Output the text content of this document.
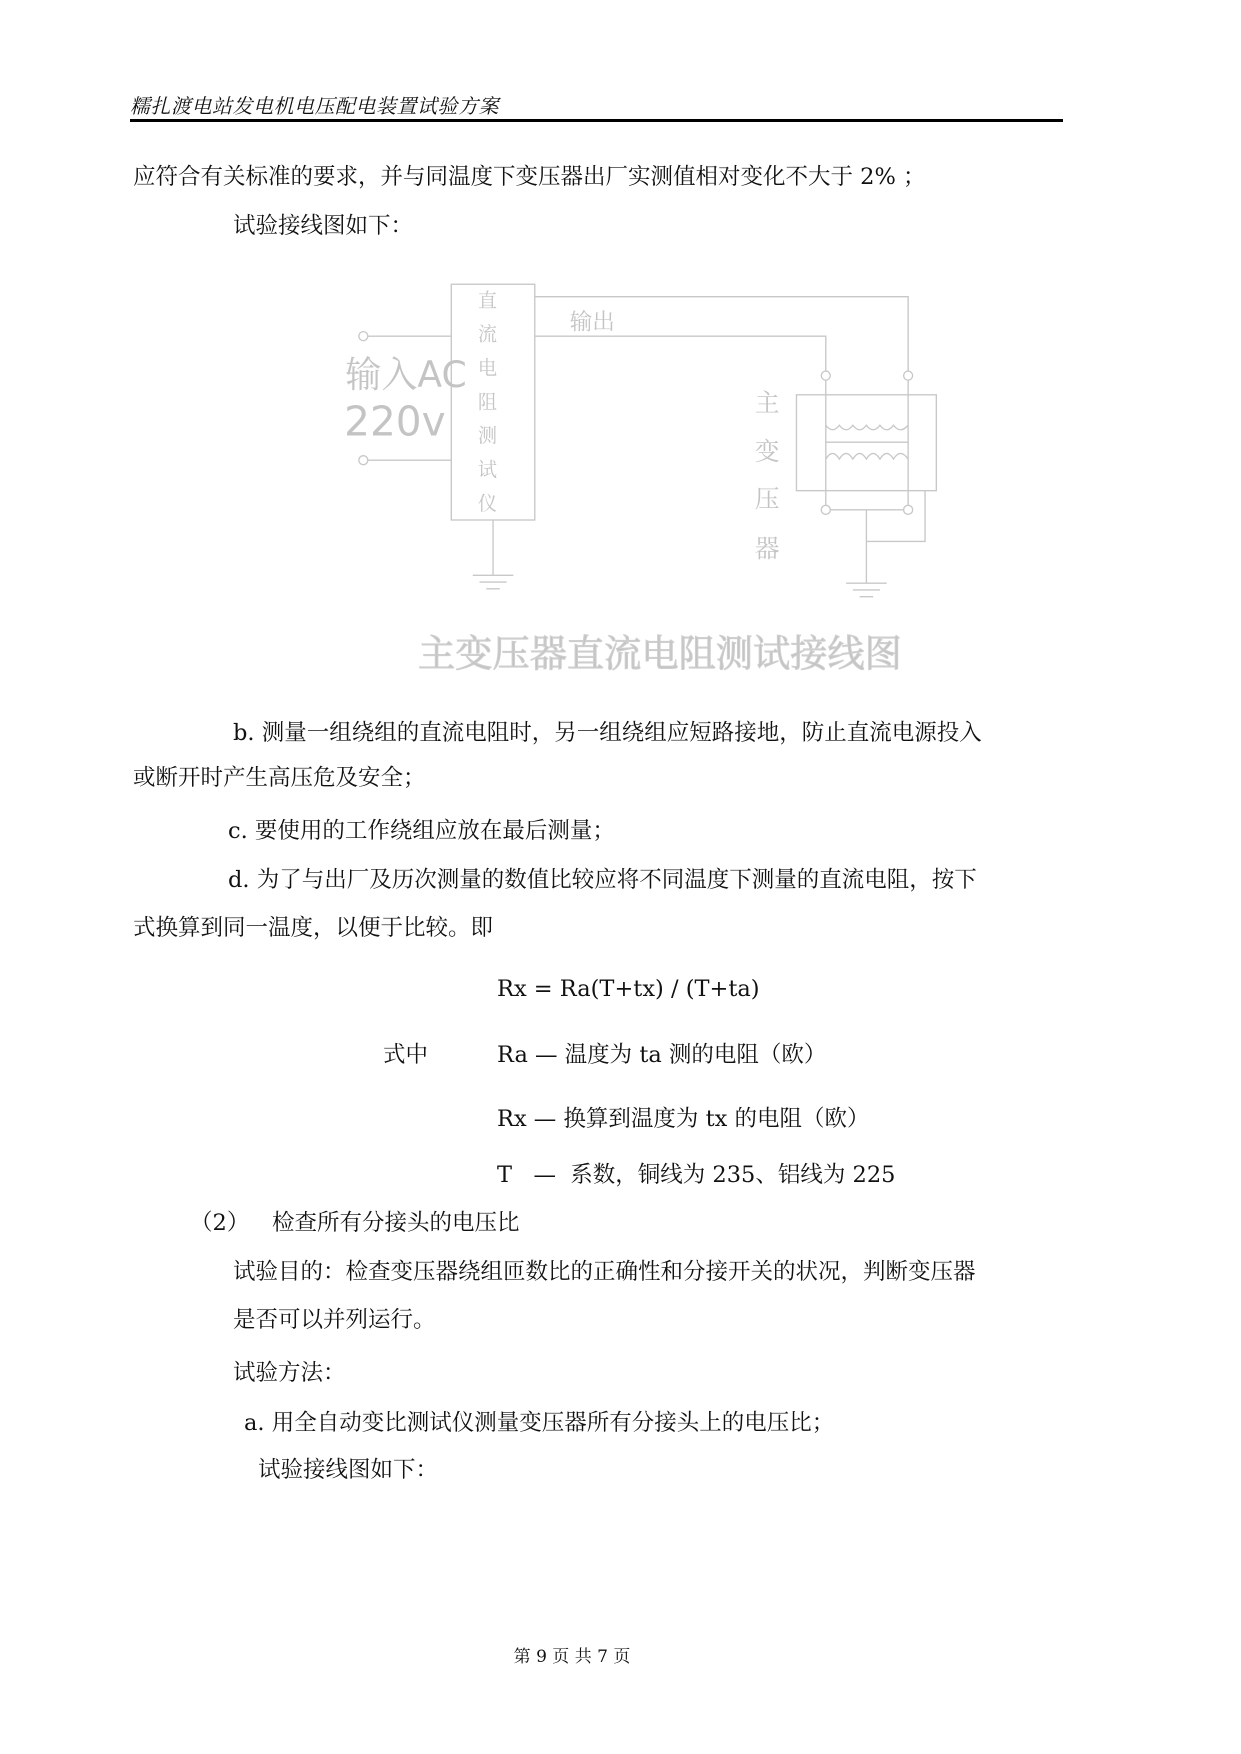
糯扎渡电站发电机电压配电装置试验方案
应符合有关标准的要求，并与同温度下变压器出厂实测值相对变化不大于 2% ；
试验接线图如下：
输入AC
220v
直
流
电
阻
测
试
仪
输出
主
变
压
器
主变压器直流电阻测试接线图
b. 测量一组绕组的直流电阻时，另一组绕组应短路接地，防止直流电源投入
或断开时产生高压危及安全；
c. 要使用的工作绕组应放在最后测量；
d. 为了与出厂及历次测量的数值比较应将不同温度下测量的直流电阻，按下
式换算到同一温度，以便于比较。即
Rx = Ra(T+tx) / (T+ta)
式中	Ra — 温度为 ta 测的电阻（欧）
Rx — 换算到温度为 tx 的电阻（欧）
T   —  系数，铜线为 235、铝线为 225
（2） 检查所有分接头的电压比
试验目的：检查变压器绕组匝数比的正确性和分接开关的状况，判断变压器
是否可以并列运行。
试验方法：
a. 用全自动变比测试仪测量变压器所有分接头上的电压比；
试验接线图如下：
第 9 页 共 7 页
